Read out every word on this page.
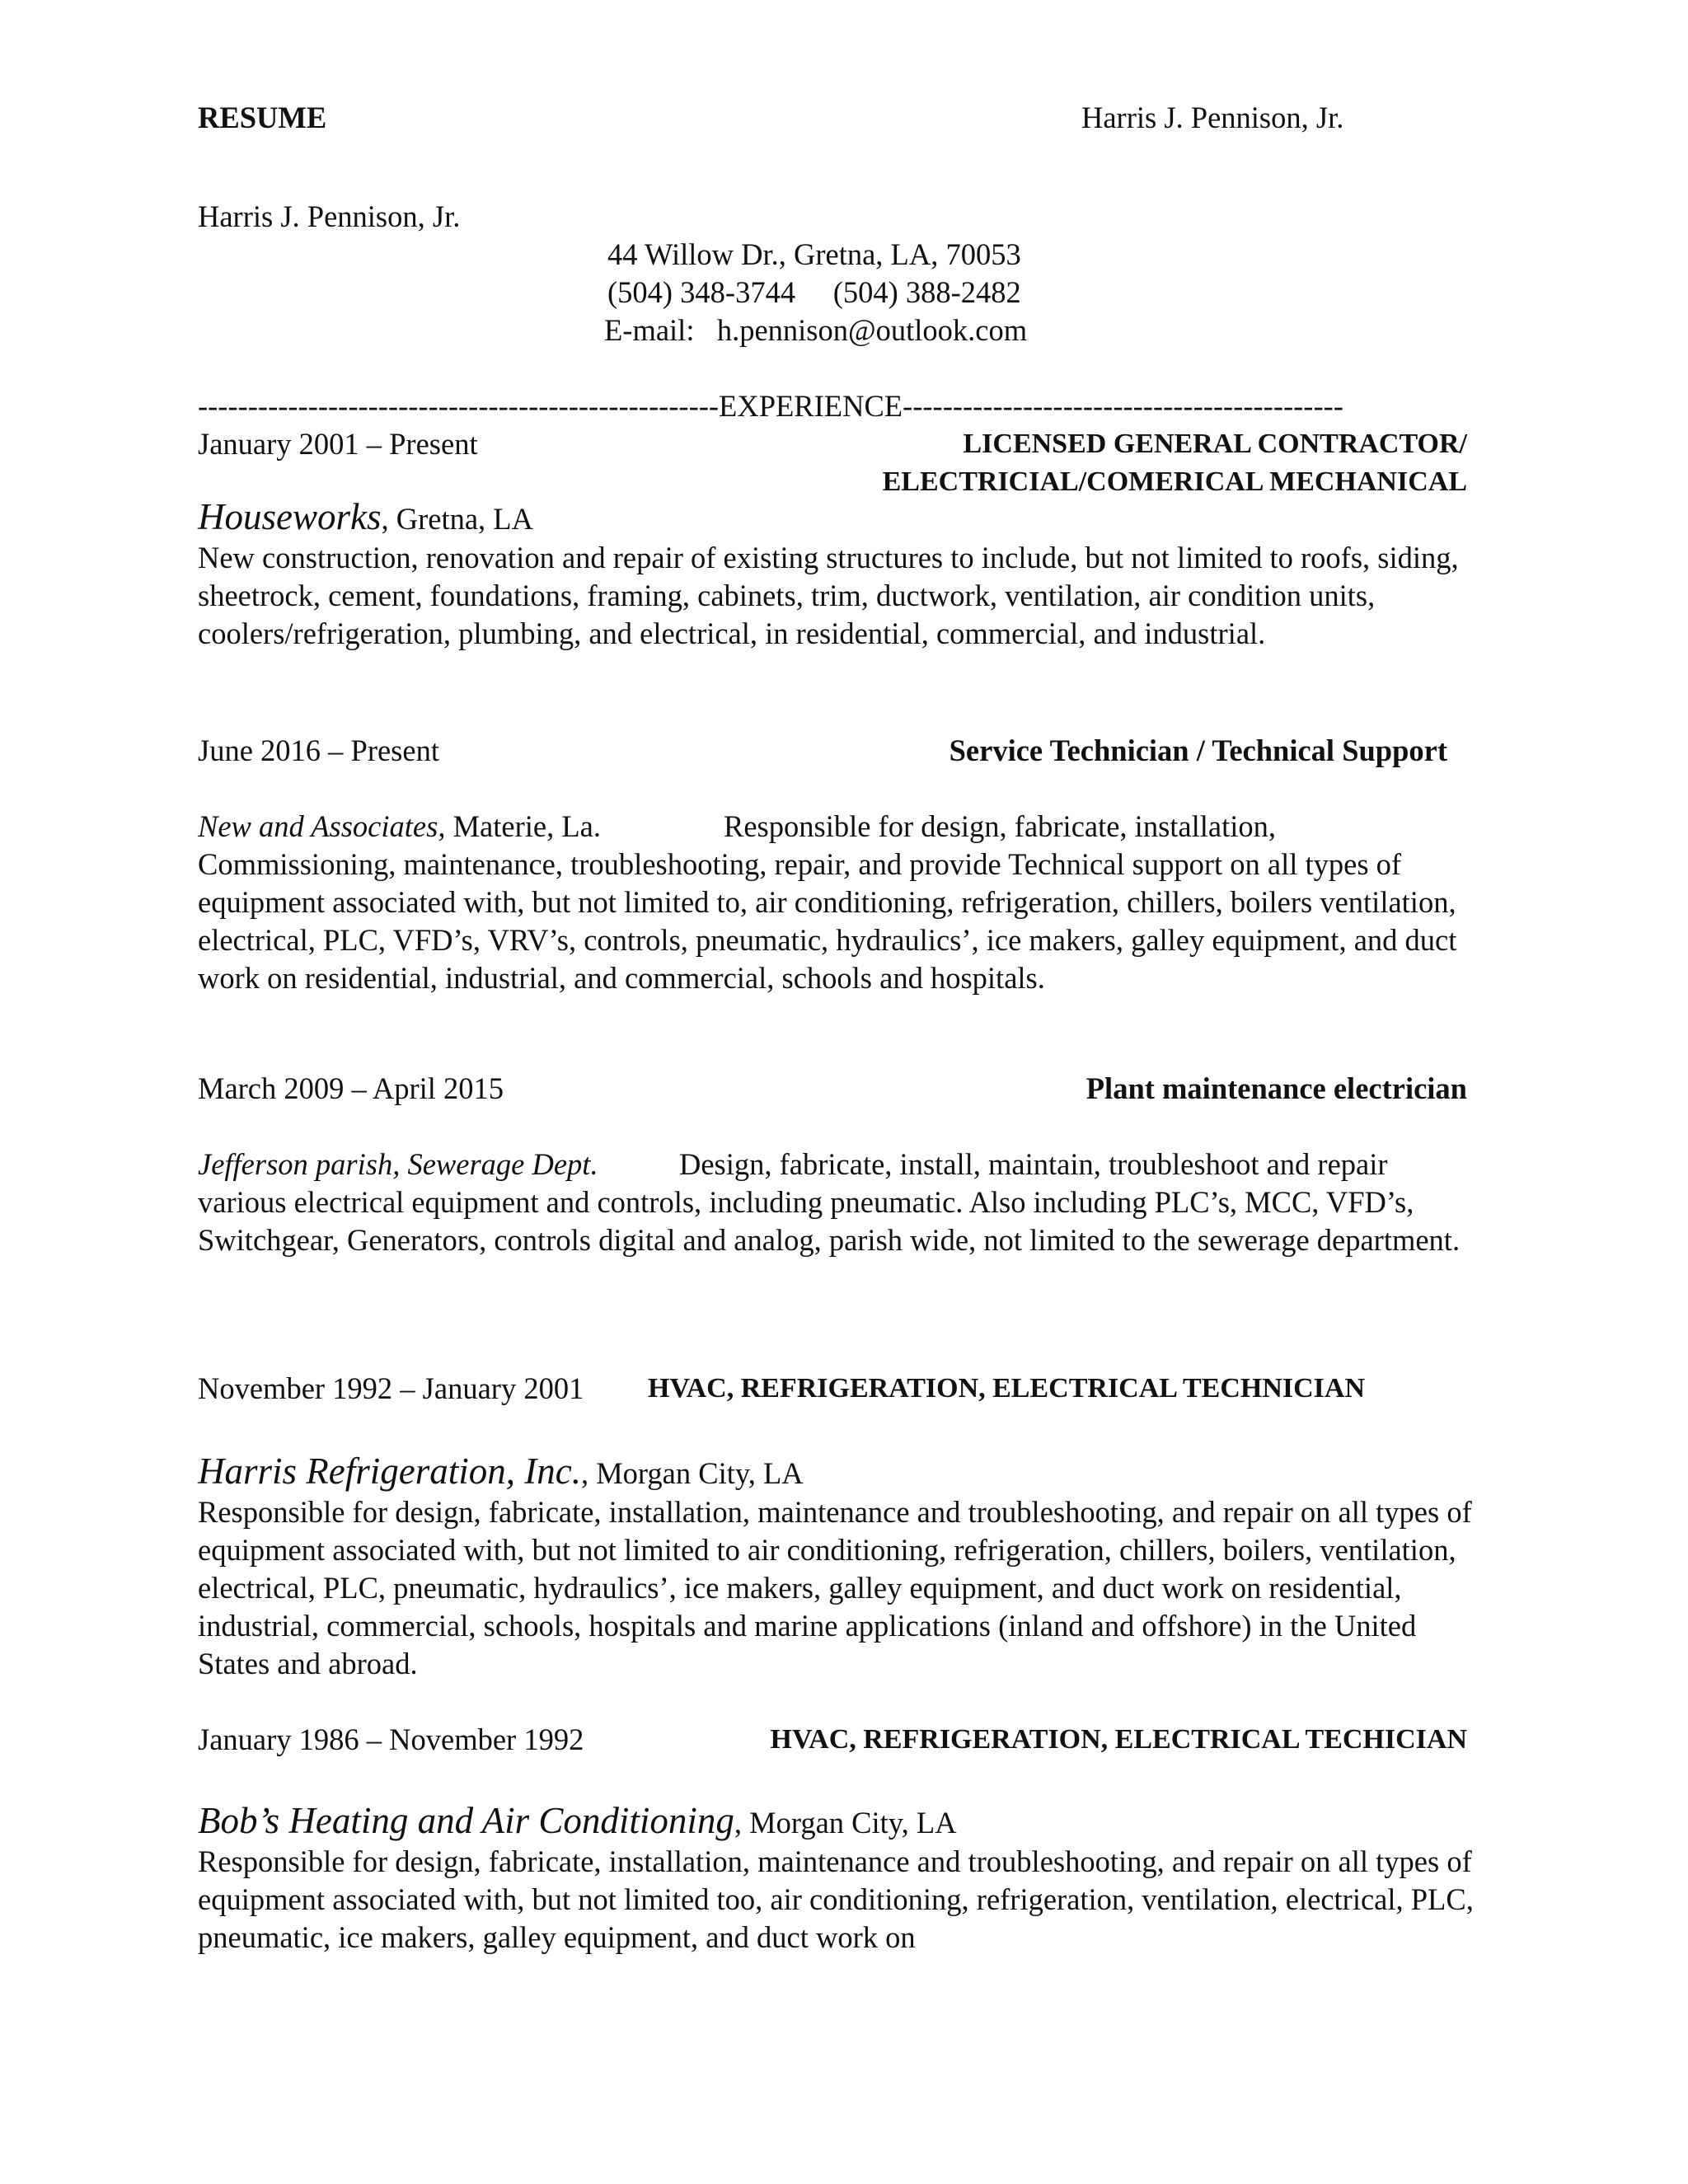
RESUME	Harris J. Pennison, Jr.
Harris J. Pennison, Jr.
44 Willow Dr., Gretna, LA, 70053
(504) 348-3744     (504) 388-2482
E-mail: h.pennison@outlook.com
----------------------------------------------------EXPERIENCE--------------------------------------------
January 2001 – Present	LICENSED GENERAL CONTRACTOR/
ELECTRICIAL/COMERICAL MECHANICAL
Houseworks, Gretna, LA
New construction, renovation and repair of existing structures to include, but not limited to roofs, siding, sheetrock, cement, foundations, framing, cabinets, trim, ductwork, ventilation, air condition units, coolers/refrigeration, plumbing, and electrical, in residential, commercial, and industrial.
June 2016 – Present	Service Technician / Technical Support
New and Associates, Materie, La.	Responsible for design, fabricate, installation,
Commissioning, maintenance, troubleshooting, repair, and provide Technical support on all types of equipment associated with, but not limited to, air conditioning, refrigeration, chillers, boilers ventilation, electrical, PLC, VFD’s, VRV’s, controls, pneumatic, hydraulics’, ice makers, galley equipment, and duct work on residential, industrial, and commercial, schools and hospitals.
March 2009 – April 2015	Plant maintenance electrician
Jefferson parish, Sewerage Dept.	Design, fabricate, install, maintain, troubleshoot and repair
various electrical equipment and controls, including pneumatic. Also including PLC’s, MCC, VFD’s, Switchgear, Generators, controls digital and analog, parish wide, not limited to the sewerage department.
November 1992 – January 2001 HVAC, REFRIGERATION, ELECTRICAL TECHNICIAN
Harris Refrigeration, Inc., Morgan City, LA
Responsible for design, fabricate, installation, maintenance and troubleshooting, and repair on all types of equipment associated with, but not limited to air conditioning, refrigeration, chillers, boilers, ventilation, electrical, PLC, pneumatic, hydraulics’, ice makers, galley equipment, and duct work on residential, industrial, commercial, schools, hospitals and marine applications (inland and offshore) in the United States and abroad.
January 1986 – November 1992	HVAC, REFRIGERATION, ELECTRICAL TECHICIAN
Bob’s Heating and Air Conditioning, Morgan City, LA
Responsible for design, fabricate, installation, maintenance and troubleshooting, and repair on all types of equipment associated with, but not limited too, air conditioning, refrigeration, ventilation, electrical, PLC, pneumatic, ice makers, galley equipment, and duct work on
